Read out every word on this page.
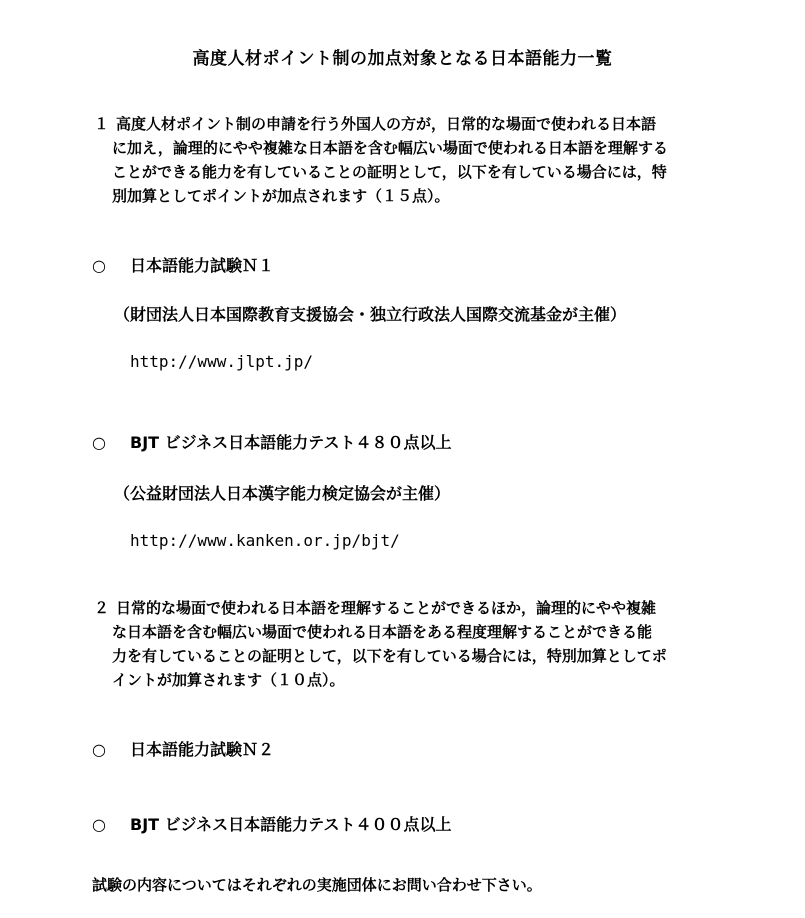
高度人材ポイント制の加点対象となる日本語能力一覧
１ 高度人材ポイント制の申請を行う外国人の方が，日常的な場面で使われる日本語
に加え，論理的にやや複雑な日本語を含む幅広い場面で使われる日本語を理解する
ことができる能力を有していることの証明として，以下を有している場合には，特
別加算としてポイントが加点されます（１５点）。
○ 日本語能力試験Ｎ１
（財団法人日本国際教育支援協会・独立行政法人国際交流基金が主催）
http://www.jlpt.jp/
○ BJT ビジネス日本語能力テスト４８０点以上
（公益財団法人日本漢字能力検定協会が主催）
http://www.kanken.or.jp/bjt/
２ 日常的な場面で使われる日本語を理解することができるほか，論理的にやや複雑
な日本語を含む幅広い場面で使われる日本語をある程度理解することができる能
力を有していることの証明として，以下を有している場合には，特別加算としてポ
イントが加算されます（１０点）。
○ 日本語能力試験Ｎ２
○ BJT ビジネス日本語能力テスト４００点以上
試験の内容についてはそれぞれの実施団体にお問い合わせ下さい。
